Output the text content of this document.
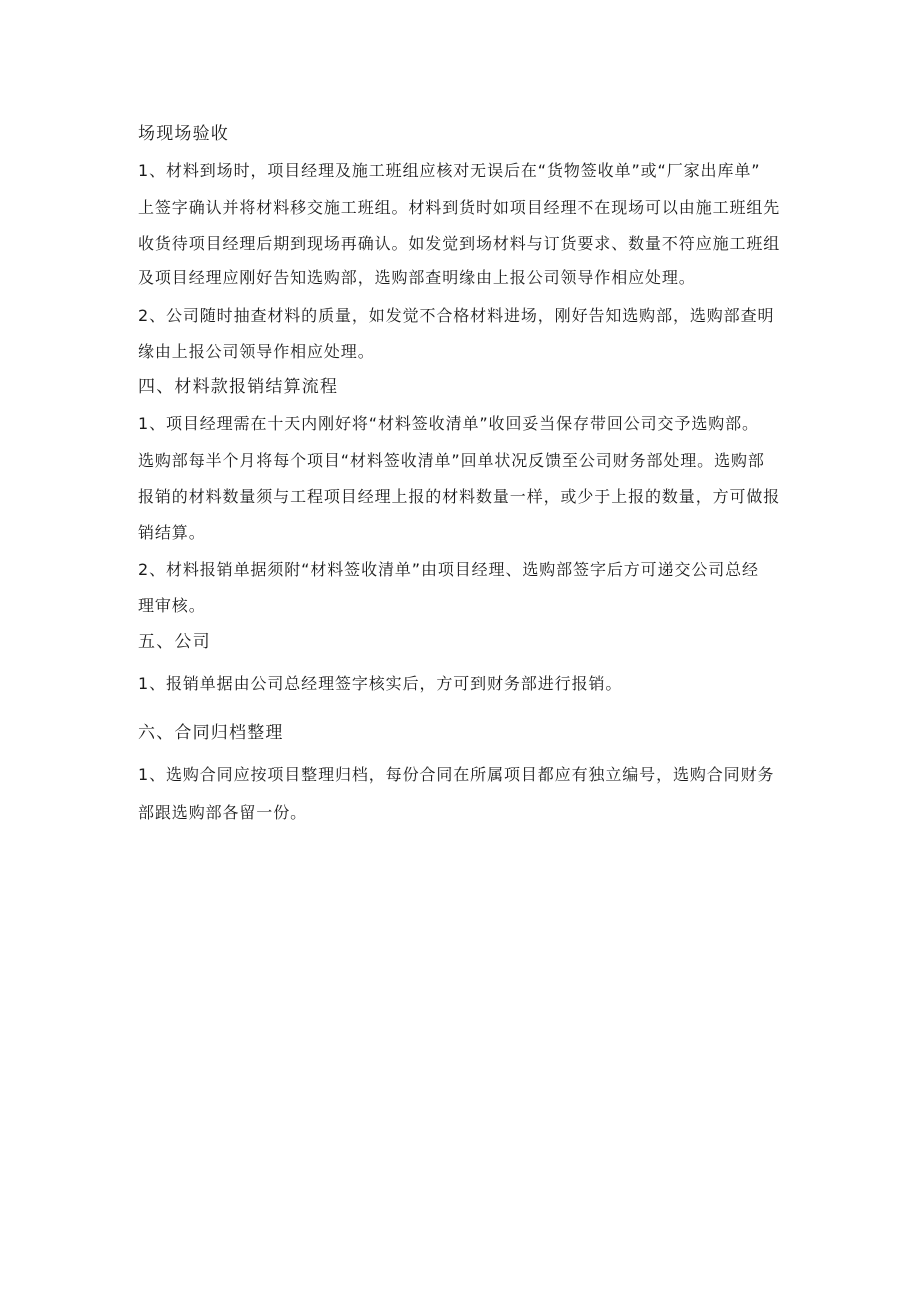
场现场验收
1、材料到场时，项目经理及施工班组应核对无误后在“货物签收单”或“厂家出库单”
上签字确认并将材料移交施工班组。材料到货时如项目经理不在现场可以由施工班组先
收货待项目经理后期到现场再确认。如发觉到场材料与订货要求、数量不符应施工班组
及项目经理应刚好告知选购部，选购部查明缘由上报公司领导作相应处理。
2、公司随时抽查材料的质量，如发觉不合格材料进场，刚好告知选购部，选购部查明
缘由上报公司领导作相应处理。
四、材料款报销结算流程
1、项目经理需在十天内刚好将“材料签收清单”收回妥当保存带回公司交予选购部。
选购部每半个月将每个项目“材料签收清单”回单状况反馈至公司财务部处理。选购部
报销的材料数量须与工程项目经理上报的材料数量一样，或少于上报的数量，方可做报
销结算。
2、材料报销单据须附“材料签收清单”由项目经理、选购部签字后方可递交公司总经
理审核。
五、公司
1、报销单据由公司总经理签字核实后，方可到财务部进行报销。
六、合同归档整理
1、选购合同应按项目整理归档，每份合同在所属项目都应有独立编号，选购合同财务
部跟选购部各留一份。
